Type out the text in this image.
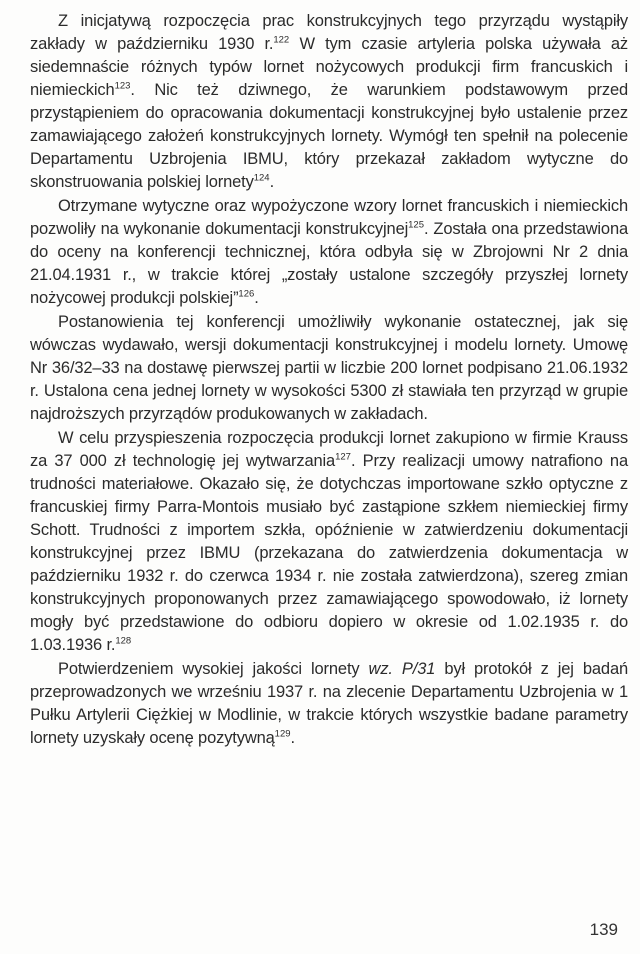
Z inicjatywą rozpoczęcia prac konstrukcyjnych tego przyrządu wystąpiły zakłady w październiku 1930 r.$^{122}$ W tym czasie artyleria polska używała aż siedemnaście różnych typów lornet nożycowych produkcji firm francuskich i niemieckich$^{123}$. Nic też dziwnego, że warunkiem podstawowym przed przystąpieniem do opracowania dokumentacji konstrukcyjnej było ustalenie przez zamawiającego założeń konstrukcyjnych lornety. Wymógł ten spełnił na polecenie Departamentu Uzbrojenia IBMU, który przekazał zakładom wytyczne do skonstruowania polskiej lornety$^{124}$.

Otrzymane wytyczne oraz wypożyczone wzory lornet francuskich i niemieckich pozwoliły na wykonanie dokumentacji konstrukcyjnej$^{125}$. Została ona przedstawiona do oceny na konferencji technicznej, która odbyła się w Zbrojowni Nr 2 dnia 21.04.1931 r., w trakcie której „zostały ustalone szczegóły przyszłej lornety nożycowej produkcji polskiej”$^{126}$.

Postanowienia tej konferencji umożliwiły wykonanie ostatecznej, jak się wówczas wydawało, wersji dokumentacji konstrukcyjnej i modelu lornety. Umowę Nr 36/32–33 na dostawę pierwszej partii w liczbie 200 lornet podpisano 21.06.1932 r. Ustalona cena jednej lornety w wysokości 5300 zł stawiała ten przyrząd w grupie najdroższych przyrządów produkowanych w zakładach.

W celu przyspieszenia rozpoczęcia produkcji lornet zakupiono w firmie Krauss za 37 000 zł technologię jej wytwarzania$^{127}$. Przy realizacji umowy natrafiono na trudności materiałowe. Okazało się, że dotychczas importowane szkło optyczne z francuskiej firmy Parra-Montois musiało być zastąpione szkłem niemieckiej firmy Schott. Trudności z importem szkła, opóźnienie w zatwierdzeniu dokumentacji konstrukcyjnej przez IBMU (przekazana do zatwierdzenia dokumentacja w październiku 1932 r. do czerwca 1934 r. nie została zatwierdzona), szereg zmian konstrukcyjnych proponowanych przez zamawiającego spowodowało, iż lornety mogły być przedstawione do odbioru dopiero w okresie od 1.02.1935 r. do 1.03.1936 r.$^{128}$

Potwierdzeniem wysokiej jakości lornety wz. P/31 był protokół z jej badań przeprowadzonych we wrześniu 1937 r. na zlecenie Departamentu Uzbrojenia w 1 Pułku Artylerii Ciężkiej w Modlinie, w trakcie których wszystkie badane parametry lornety uzyskały ocenę pozytywną$^{129}$.

139
